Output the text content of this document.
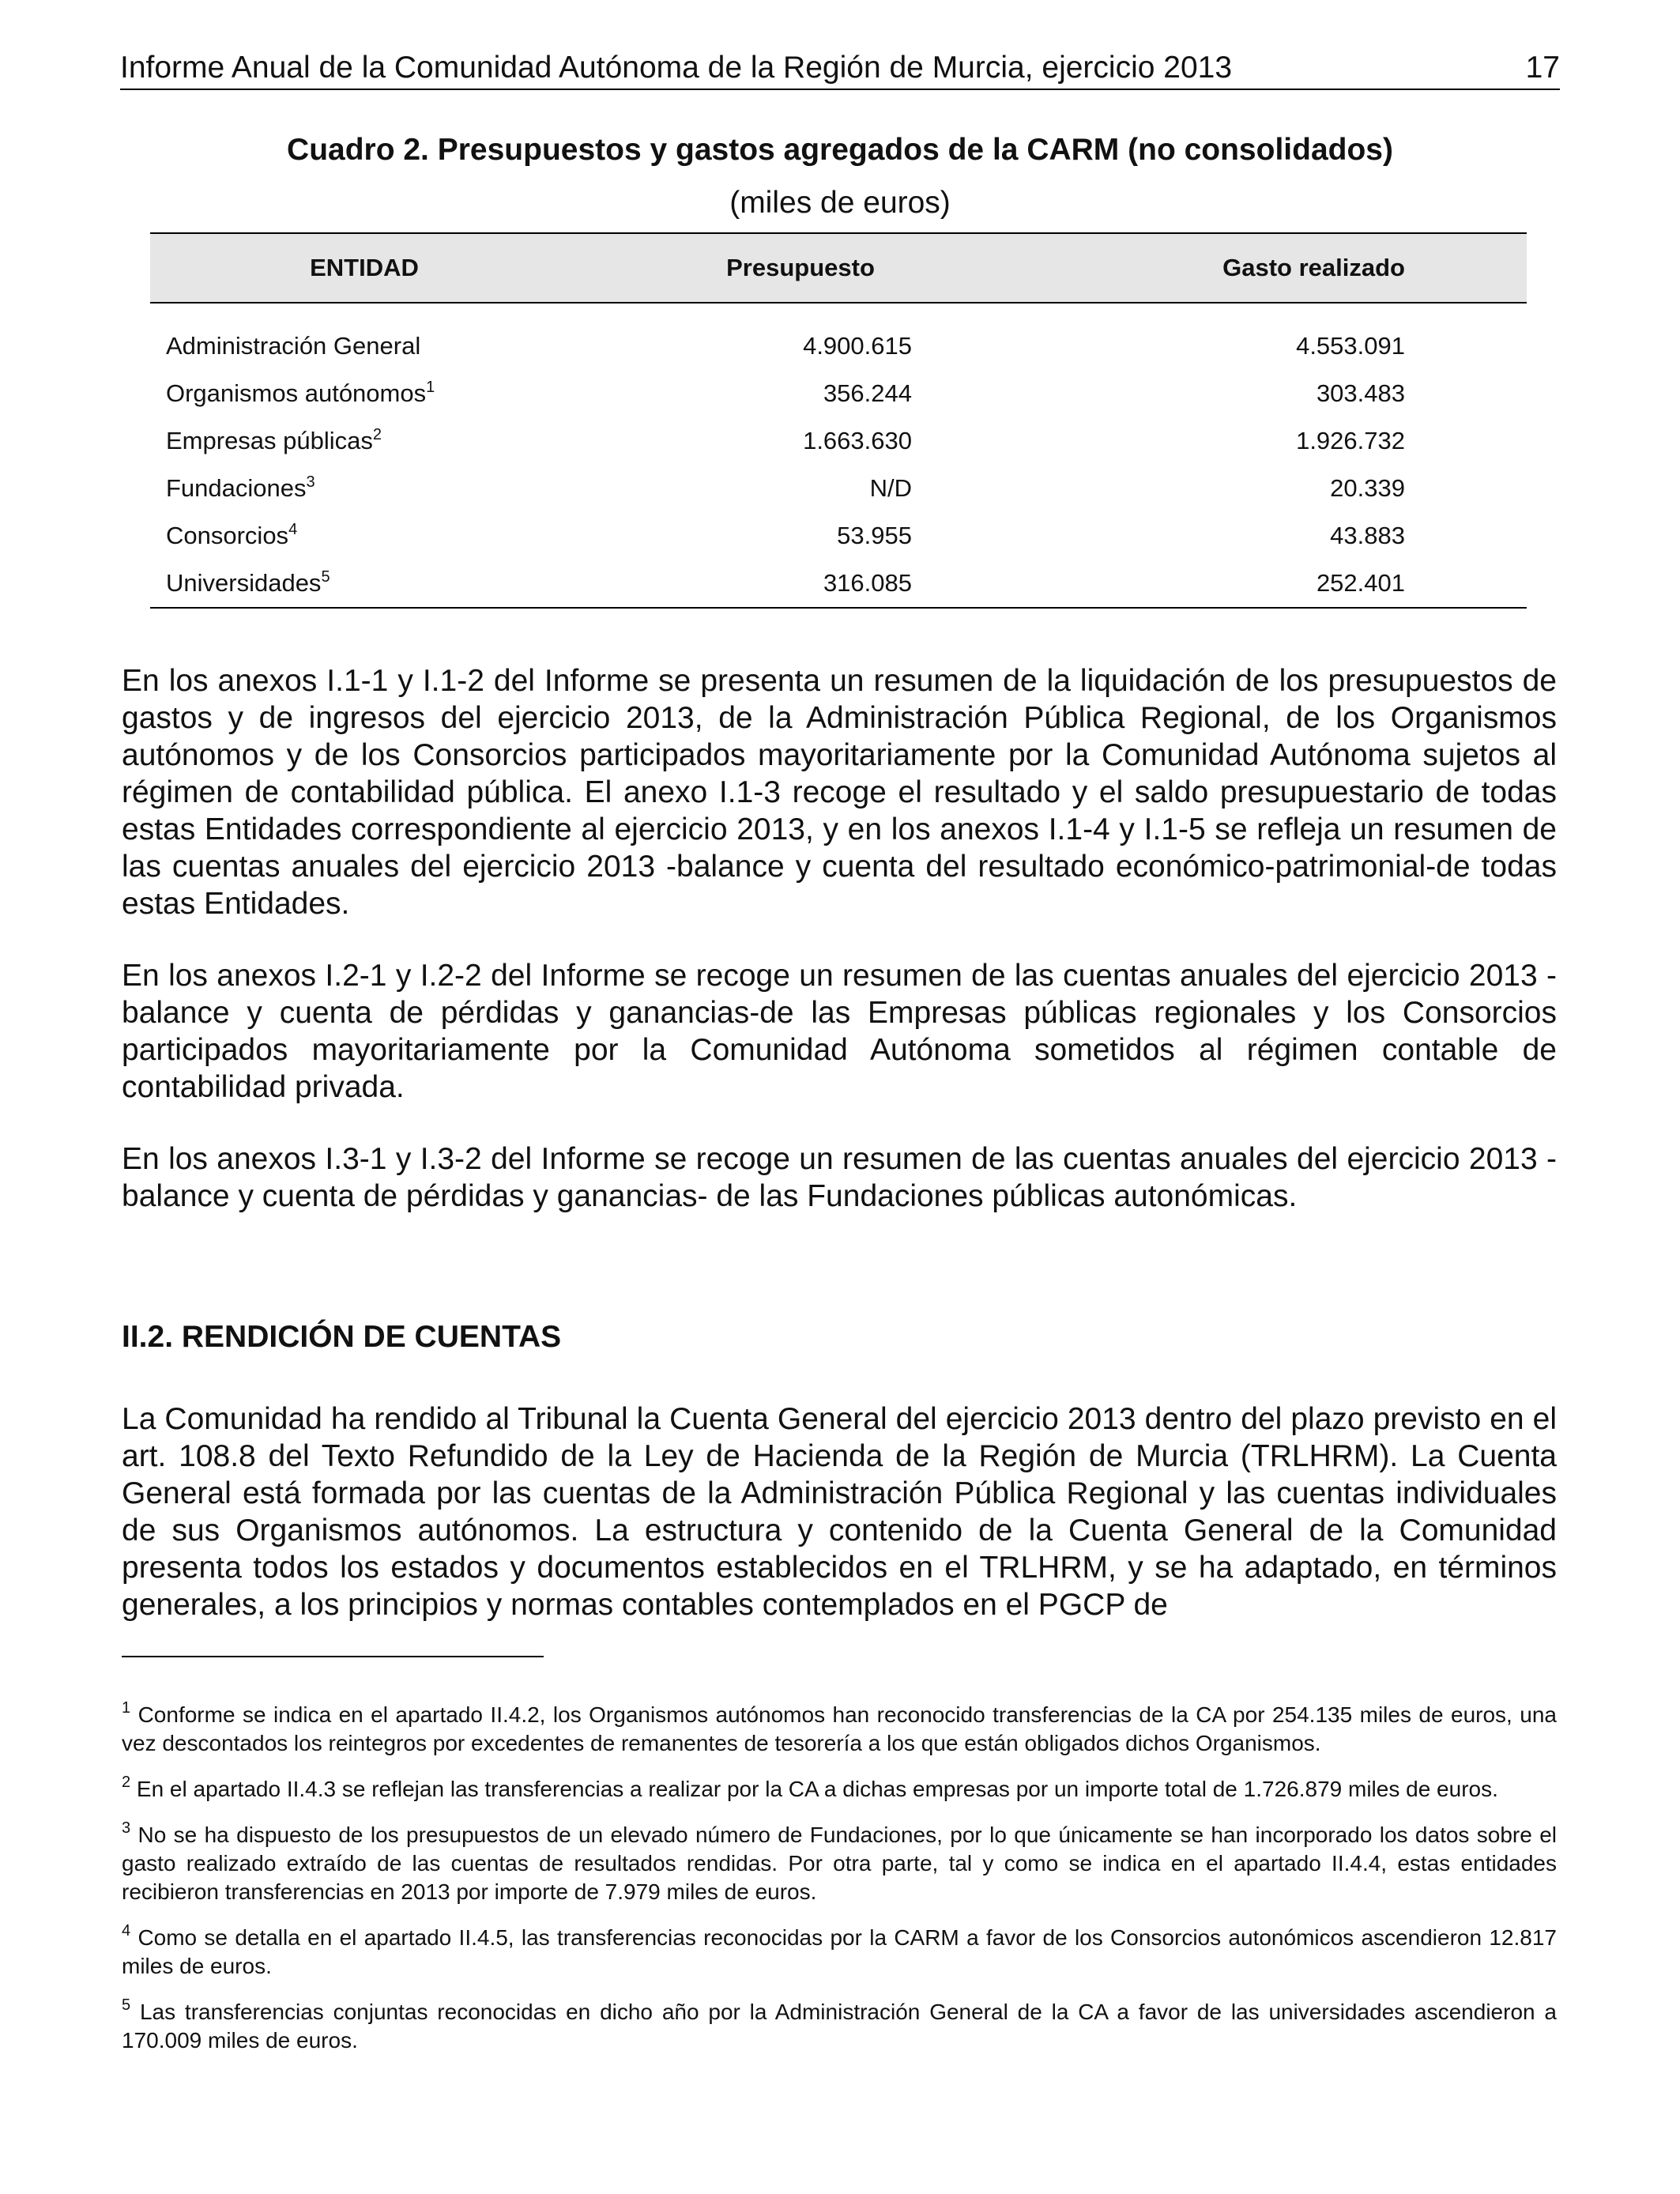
Informe Anual de la Comunidad Autónoma de la Región de Murcia, ejercicio 2013	17
Cuadro 2. Presupuestos y gastos agregados de la CARM (no consolidados)
(miles de euros)
ENTIDAD	Presupuesto	Gasto realizado
Administración General	4.900.615	4.553.091
Organismos autónomos$^1$	356.244	303.483
Empresas públicas$^2$	1.663.630	1.926.732
Fundaciones$^3$	N/D	20.339
Consorcios$^4$	53.955	43.883
Universidades$^5$	316.085	252.401

En los anexos I.1-1 y I.1-2 del Informe se presenta un resumen de la liquidación de los presupuestos de gastos y de ingresos del ejercicio 2013, de la Administración Pública Regional, de los Organismos autónomos y de los Consorcios participados mayoritariamente por la Comunidad Autónoma sujetos al régimen de contabilidad pública. El anexo I.1-3 recoge el resultado y el saldo presupuestario de todas estas Entidades correspondiente al ejercicio 2013, y en los anexos I.1-4 y I.1-5 se refleja un resumen de las cuentas anuales del ejercicio 2013 -balance y cuenta del resultado económico-patrimonial-de todas estas Entidades.

En los anexos I.2-1 y I.2-2 del Informe se recoge un resumen de las cuentas anuales del ejercicio 2013 -balance y cuenta de pérdidas y ganancias-de las Empresas públicas regionales y los Consorcios participados mayoritariamente por la Comunidad Autónoma sometidos al régimen contable de contabilidad privada.

En los anexos I.3-1 y I.3-2 del Informe se recoge un resumen de las cuentas anuales del ejercicio 2013 -balance y cuenta de pérdidas y ganancias- de las Fundaciones públicas autonómicas.

II.2. RENDICIÓN DE CUENTAS

La Comunidad ha rendido al Tribunal la Cuenta General del ejercicio 2013 dentro del plazo previsto en el art. 108.8 del Texto Refundido de la Ley de Hacienda de la Región de Murcia (TRLHRM). La Cuenta General está formada por las cuentas de la Administración Pública Regional y las cuentas individuales de sus Organismos autónomos. La estructura y contenido de la Cuenta General de la Comunidad presenta todos los estados y documentos establecidos en el TRLHRM, y se ha adaptado, en términos generales, a los principios y normas contables contemplados en el PGCP de

$^1$ Conforme se indica en el apartado II.4.2, los Organismos autónomos han reconocido transferencias de la CA por 254.135 miles de euros, una vez descontados los reintegros por excedentes de remanentes de tesorería a los que están obligados dichos Organismos.

$^2$ En el apartado II.4.3 se reflejan las transferencias a realizar por la CA a dichas empresas por un importe total de 1.726.879 miles de euros.

$^3$ No se ha dispuesto de los presupuestos de un elevado número de Fundaciones, por lo que únicamente se han incorporado los datos sobre el gasto realizado extraído de las cuentas de resultados rendidas. Por otra parte, tal y como se indica en el apartado II.4.4, estas entidades recibieron transferencias en 2013 por importe de 7.979 miles de euros.

$^4$ Como se detalla en el apartado II.4.5, las transferencias reconocidas por la CARM a favor de los Consorcios autonómicos ascendieron 12.817 miles de euros.

$^5$ Las transferencias conjuntas reconocidas en dicho año por la Administración General de la CA a favor de las universidades ascendieron a 170.009 miles de euros.
